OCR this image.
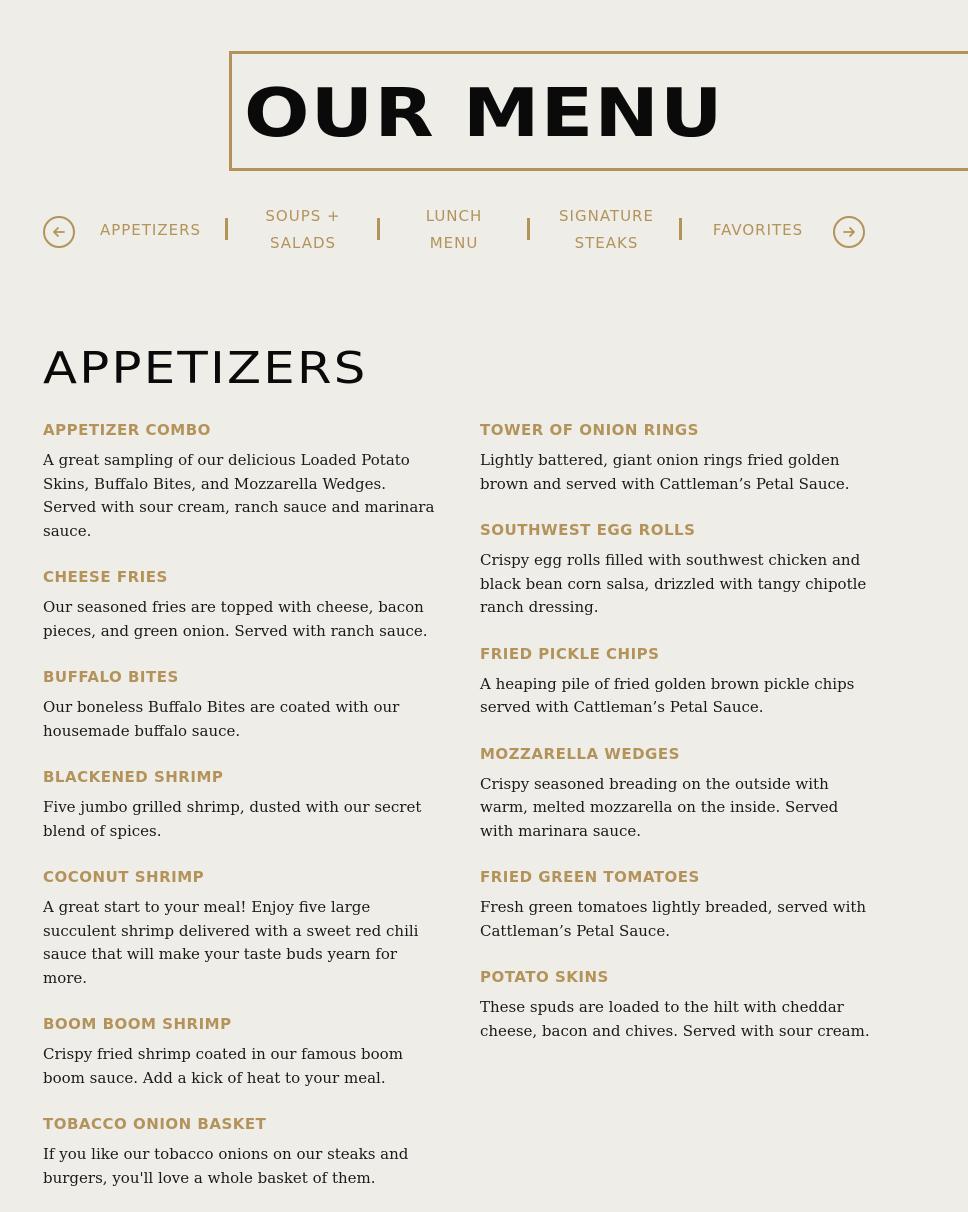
OUR MENU
APPETIZERS
SOUPS + SALADS
LUNCH MENU
SIGNATURE STEAKS
FAVORITES
APPETIZERS
APPETIZER COMBO

A great sampling of our delicious Loaded Potato Skins, Buffalo Bites, and Mozzarella Wedges. Served with sour cream, ranch sauce and marinara sauce.

CHEESE FRIES

Our seasoned fries are topped with cheese, bacon pieces, and green onion. Served with ranch sauce.

BUFFALO BITES

Our boneless Buffalo Bites are coated with our housemade buffalo sauce.

BLACKENED SHRIMP

Five jumbo grilled shrimp, dusted with our secret blend of spices.

COCONUT SHRIMP

A great start to your meal! Enjoy five large succulent shrimp delivered with a sweet red chili sauce that will make your taste buds yearn for more.

BOOM BOOM SHRIMP

Crispy fried shrimp coated in our famous boom boom sauce. Add a kick of heat to your meal.

TOBACCO ONION BASKET

If you like our tobacco onions on our steaks and burgers, you'll love a whole basket of them.

TOWER OF ONION RINGS

Lightly battered, giant onion rings fried golden brown and served with Cattleman’s Petal Sauce.

SOUTHWEST EGG ROLLS

Crispy egg rolls filled with southwest chicken and black bean corn salsa, drizzled with tangy chipotle ranch dressing.

FRIED PICKLE CHIPS

A heaping pile of fried golden brown pickle chips served with Cattleman’s Petal Sauce.

MOZZARELLA WEDGES

Crispy seasoned breading on the outside with warm, melted mozzarella on the inside. Served with marinara sauce.

FRIED GREEN TOMATOES

Fresh green tomatoes lightly breaded, served with Cattleman’s Petal Sauce.

POTATO SKINS

These spuds are loaded to the hilt with cheddar cheese, bacon and chives. Served with sour cream.
